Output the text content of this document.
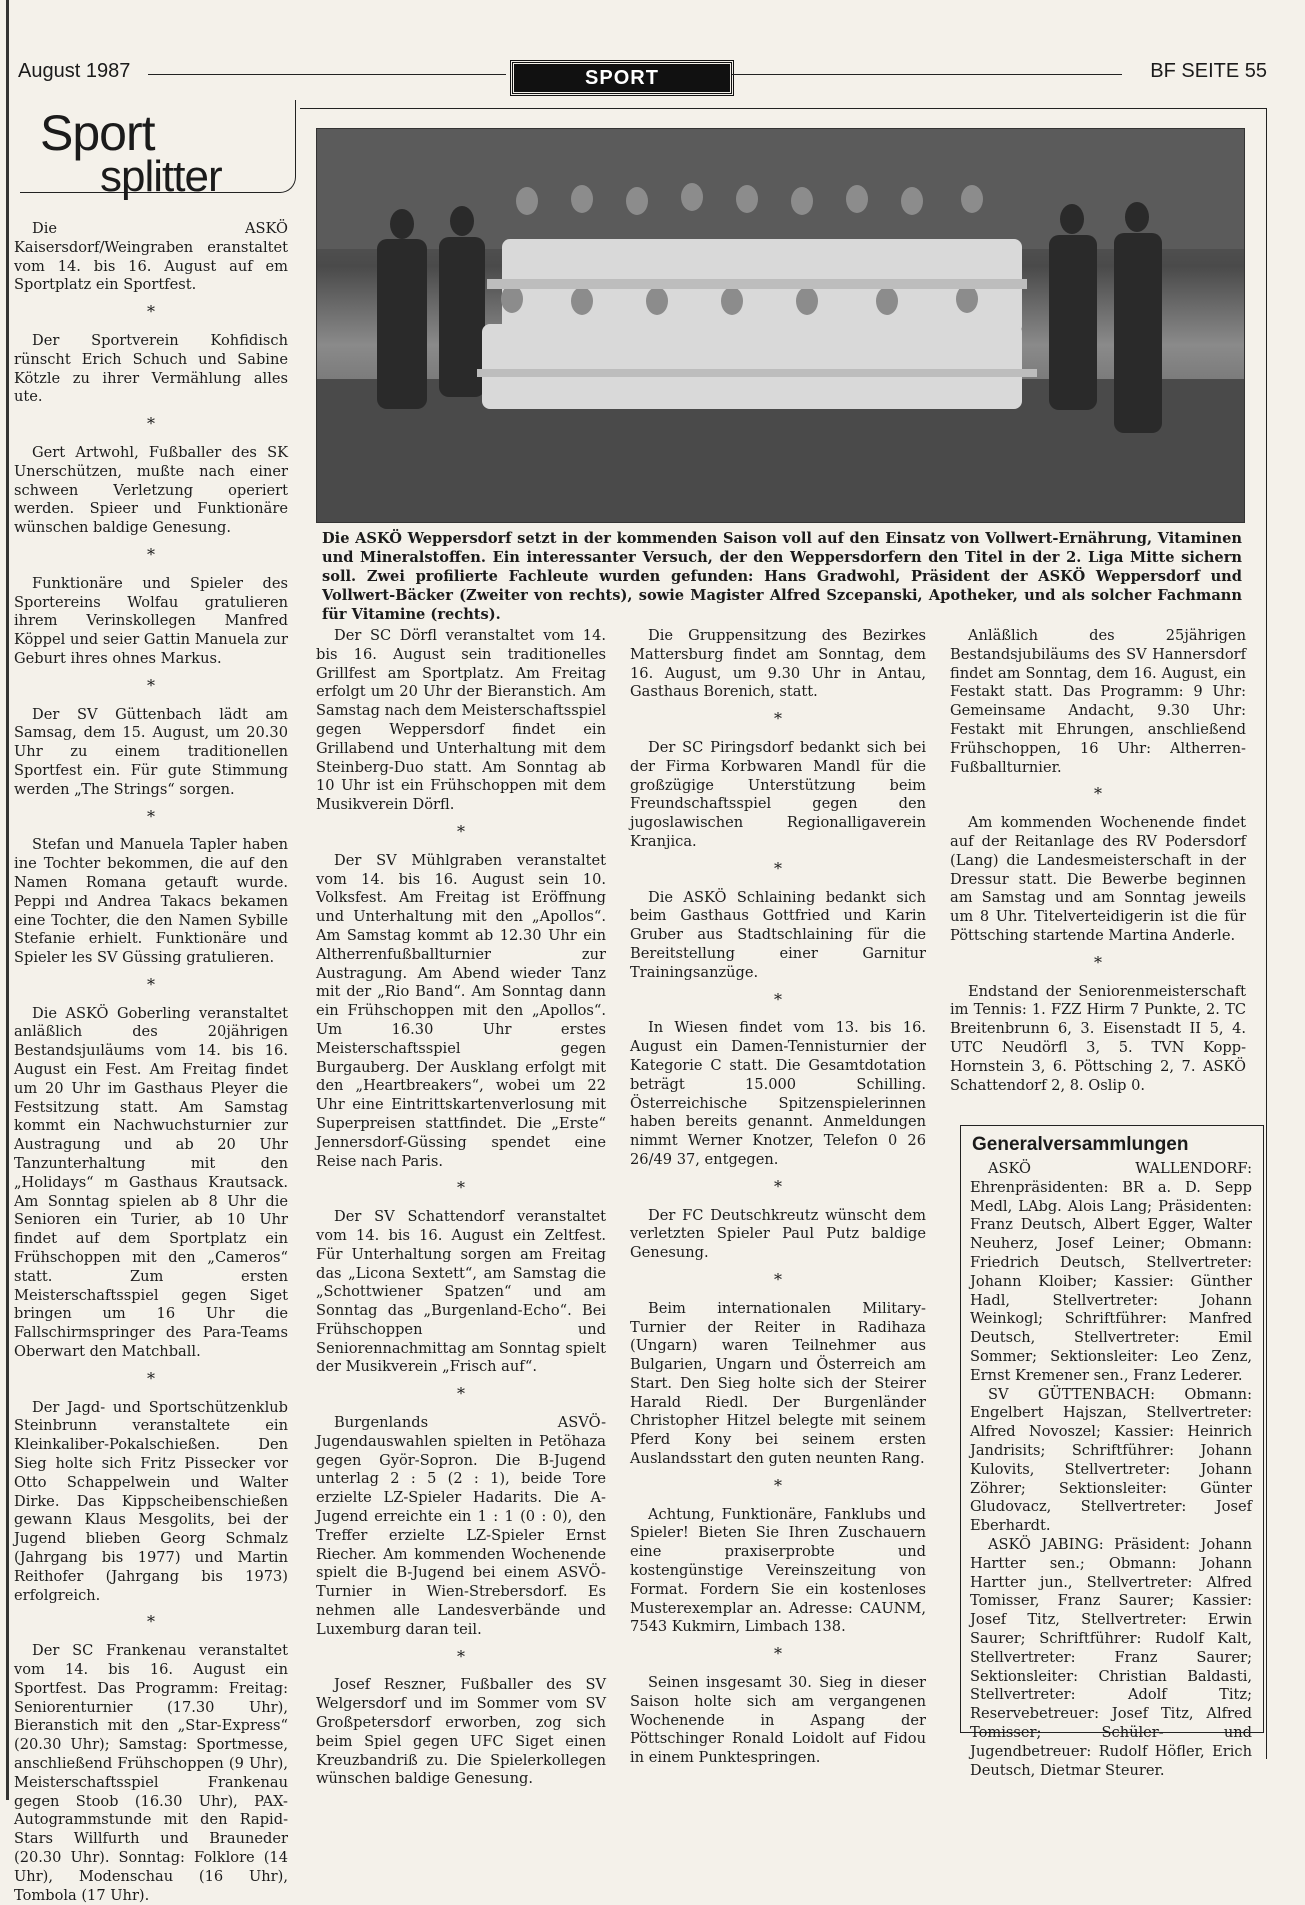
August 1987	SPORT	BF SEITE 55
Sport
splitter
Die ASKÖ Weppersdorf setzt in der kommenden Saison voll auf den Einsatz von Vollwert-Ernährung, Vitaminen und Mineralstoffen. Ein interessanter Versuch, der den Weppersdorfern den Titel in der 2. Liga Mitte sichern soll. Zwei profilierte Fachleute wurden gefunden: Hans Gradwohl, Präsident der ASKÖ Weppersdorf und Vollwert-Bäcker (Zweiter von rechts), sowie Magister Alfred Szcepanski, Apotheker, und als solcher Fachmann für Vitamine (rechts).

Die ASKÖ Kaisersdorf/Weingraben eranstaltet vom 14. bis 16. August auf em Sportplatz ein Sportfest.

*

Der Sportverein Kohfidisch rünscht Erich Schuch und Sabine Kötzle zu ihrer Vermählung alles ute.

*

Gert Artwohl, Fußballer des SK Unerschützen, mußte nach einer schween Verletzung operiert werden. Spieer und Funktionäre wünschen baldige Genesung.

*

Funktionäre und Spieler des Sportereins Wolfau gratulieren ihrem Verinskollegen Manfred Köppel und seier Gattin Manuela zur Geburt ihres ohnes Markus.

*

Der SV Güttenbach lädt am Samsag, dem 15. August, um 20.30 Uhr zu einem traditionellen Sportfest ein. Für gute Stimmung werden „The Strings“ sorgen.

*

Stefan und Manuela Tapler haben ine Tochter bekommen, die auf den Namen Romana getauft wurde. Peppi ınd Andrea Takacs bekamen eine Tochter, die den Namen Sybille Stefanie erhielt. Funktionäre und Spieler les SV Güssing gratulieren.

*

Die ASKÖ Goberling veranstaltet anläßlich des 20jährigen Bestandsjuıläums vom 14. bis 16. August ein Fest. Am Freitag findet um 20 Uhr im Gasthaus Pleyer die Festsitzung statt. Am Samstag kommt ein Nachwuchsturnier zur Austragung und ab 20 Uhr Tanzunterhaltung mit den „Holidays“ m Gasthaus Krautsack. Am Sonntag spielen ab 8 Uhr die Senioren ein Turier, ab 10 Uhr findet auf dem Sportplatz ein Frühschoppen mit den „Cameros“ statt. Zum ersten Meisterschaftsspiel gegen Siget bringen um 16 Uhr die Fallschirmspringer des Para-Teams Oberwart den Matchball.

*

Der Jagd- und Sportschützenklub Steinbrunn veranstaltete ein Kleinkaliber-Pokalschießen. Den Sieg holte sich Fritz Pissecker vor Otto Schappelwein und Walter Dirke. Das Kippscheibenschießen gewann Klaus Mesgolits, bei der Jugend blieben Georg Schmalz (Jahrgang bis 1977) und Martin Reithofer (Jahrgang bis 1973) erfolgreich.

*

Der SC Frankenau veranstaltet vom 14. bis 16. August ein Sportfest. Das Programm: Freitag: Seniorenturnier (17.30 Uhr), Bieranstich mit den „Star-Express“ (20.30 Uhr); Samstag: Sportmesse, anschließend Frühschoppen (9 Uhr), Meisterschaftsspiel Frankenau gegen Stoob (16.30 Uhr), PAX-Autogrammstunde mit den Rapid-Stars Willfurth und Brauneder (20.30 Uhr). Sonntag: Folklore (14 Uhr), Modenschau (16 Uhr), Tombola (17 Uhr).

Der SC Dörfl veranstaltet vom 14. bis 16. August sein traditionelles Grillfest am Sportplatz. Am Freitag erfolgt um 20 Uhr der Bieranstich. Am Samstag nach dem Meisterschaftsspiel gegen Weppersdorf findet ein Grillabend und Unterhaltung mit dem Steinberg-Duo statt. Am Sonntag ab 10 Uhr ist ein Frühschoppen mit dem Musikverein Dörfl.

*

Der SV Mühlgraben veranstaltet vom 14. bis 16. August sein 10. Volksfest. Am Freitag ist Eröffnung und Unterhaltung mit den „Apollos“. Am Samstag kommt ab 12.30 Uhr ein Altherrenfußballturnier zur Austragung. Am Abend wieder Tanz mit der „Rio Band“. Am Sonntag dann ein Frühschoppen mit den „Apollos“. Um 16.30 Uhr erstes Meisterschaftsspiel gegen Burgauberg. Der Ausklang erfolgt mit den „Heartbreakers“, wobei um 22 Uhr eine Eintrittskartenverlosung mit Superpreisen stattfindet. Die „Erste“ Jennersdorf-Güssing spendet eine Reise nach Paris.

*

Der SV Schattendorf veranstaltet vom 14. bis 16. August ein Zeltfest. Für Unterhaltung sorgen am Freitag das „Licona Sextett“, am Samstag die „Schottwiener Spatzen“ und am Sonntag das „Burgenland-Echo“. Bei Frühschoppen und Seniorennachmittag am Sonntag spielt der Musikverein „Frisch auf“.

*

Burgenlands ASVÖ-Jugendauswahlen spielten in Petöhaza gegen Györ-Sopron. Die B-Jugend unterlag 2 : 5 (2 : 1), beide Tore erzielte LZ-Spieler Hadarits. Die A-Jugend erreichte ein 1 : 1 (0 : 0), den Treffer erzielte LZ-Spieler Ernst Riecher. Am kommenden Wochenende spielt die B-Jugend bei einem ASVÖ-Turnier in Wien-Strebersdorf. Es nehmen alle Landesverbände und Luxemburg daran teil.

*

Josef Reszner, Fußballer des SV Welgersdorf und im Sommer vom SV Großpetersdorf erworben, zog sich beim Spiel gegen UFC Siget einen Kreuzbandriß zu. Die Spielerkollegen wünschen baldige Genesung.

Die Gruppensitzung des Bezirkes Mattersburg findet am Sonntag, dem 16. August, um 9.30 Uhr in Antau, Gasthaus Borenich, statt.

*

Der SC Piringsdorf bedankt sich bei der Firma Korbwaren Mandl für die großzügige Unterstützung beim Freundschaftsspiel gegen den jugoslawischen Regionalligaverein Kranjica.

*

Die ASKÖ Schlaining bedankt sich beim Gasthaus Gottfried und Karin Gruber aus Stadtschlaining für die Bereitstellung einer Garnitur Trainingsanzüge.

*

In Wiesen findet vom 13. bis 16. August ein Damen-Tennisturnier der Kategorie C statt. Die Gesamtdotation beträgt 15.000 Schilling. Österreichische Spitzenspielerinnen haben bereits genannt. Anmeldungen nimmt Werner Knotzer, Telefon 0 26 26/49 37, entgegen.

*

Der FC Deutschkreutz wünscht dem verletzten Spieler Paul Putz baldige Genesung.

*

Beim internationalen Military-Turnier der Reiter in Radihaza (Ungarn) waren Teilnehmer aus Bulgarien, Ungarn und Österreich am Start. Den Sieg holte sich der Steirer Harald Riedl. Der Burgenländer Christopher Hitzel belegte mit seinem Pferd Kony bei seinem ersten Auslandsstart den guten neunten Rang.

*

Achtung, Funktionäre, Fanklubs und Spieler! Bieten Sie Ihren Zuschauern eine praxiserprobte und kostengünstige Vereinszeitung von Format. Fordern Sie ein kostenloses Musterexemplar an. Adresse: CAUNM, 7543 Kukmirn, Limbach 138.

*

Seinen insgesamt 30. Sieg in dieser Saison holte sich am vergangenen Wochenende in Aspang der Pöttschinger Ronald Loidolt auf Fidou in einem Punktespringen.

Anläßlich des 25jährigen Bestandsjubiläums des SV Hannersdorf findet am Sonntag, dem 16. August, ein Festakt statt. Das Programm: 9 Uhr: Gemeinsame Andacht, 9.30 Uhr: Festakt mit Ehrungen, anschließend Frühschoppen, 16 Uhr: Altherren-Fußballturnier.

*

Am kommenden Wochenende findet auf der Reitanlage des RV Podersdorf (Lang) die Landesmeisterschaft in der Dressur statt. Die Bewerbe beginnen am Samstag und am Sonntag jeweils um 8 Uhr. Titelverteidigerin ist die für Pöttsching startende Martina Anderle.

*

Endstand der Seniorenmeisterschaft im Tennis: 1. FZZ Hirm 7 Punkte, 2. TC Breitenbrunn 6, 3. Eisenstadt II 5, 4. UTC Neudörfl 3, 5. TVN Kopp-Hornstein 3, 6. Pöttsching 2, 7. ASKÖ Schattendorf 2, 8. Oslip 0.

Generalversammlungen

ASKÖ WALLENDORF: Ehrenpräsidenten: BR a. D. Sepp Medl, LAbg. Alois Lang; Präsidenten: Franz Deutsch, Albert Egger, Walter Neuherz, Josef Leiner; Obmann: Friedrich Deutsch, Stellvertreter: Johann Kloiber; Kassier: Günther Hadl, Stellvertreter: Johann Weinkogl; Schriftführer: Manfred Deutsch, Stellvertreter: Emil Sommer; Sektionsleiter: Leo Zenz, Ernst Kremener sen., Franz Lederer.

SV GÜTTENBACH: Obmann: Engelbert Hajszan, Stellvertreter: Alfred Novoszel; Kassier: Heinrich Jandrisits; Schriftführer: Johann Kulovits, Stellvertreter: Johann Zöhrer; Sektionsleiter: Günter Gludovacz, Stellvertreter: Josef Eberhardt.

ASKÖ JABING: Präsident: Johann Hartter sen.; Obmann: Johann Hartter jun., Stellvertreter: Alfred Tomisser, Franz Saurer; Kassier: Josef Titz, Stellvertreter: Erwin Saurer; Schriftführer: Rudolf Kalt, Stellvertreter: Franz Saurer; Sektionsleiter: Christian Baldasti, Stellvertreter: Adolf Titz; Reservebetreuer: Josef Titz, Alfred Tomisser; Schüler- und Jugendbetreuer: Rudolf Höfler, Erich Deutsch, Dietmar Steurer.
